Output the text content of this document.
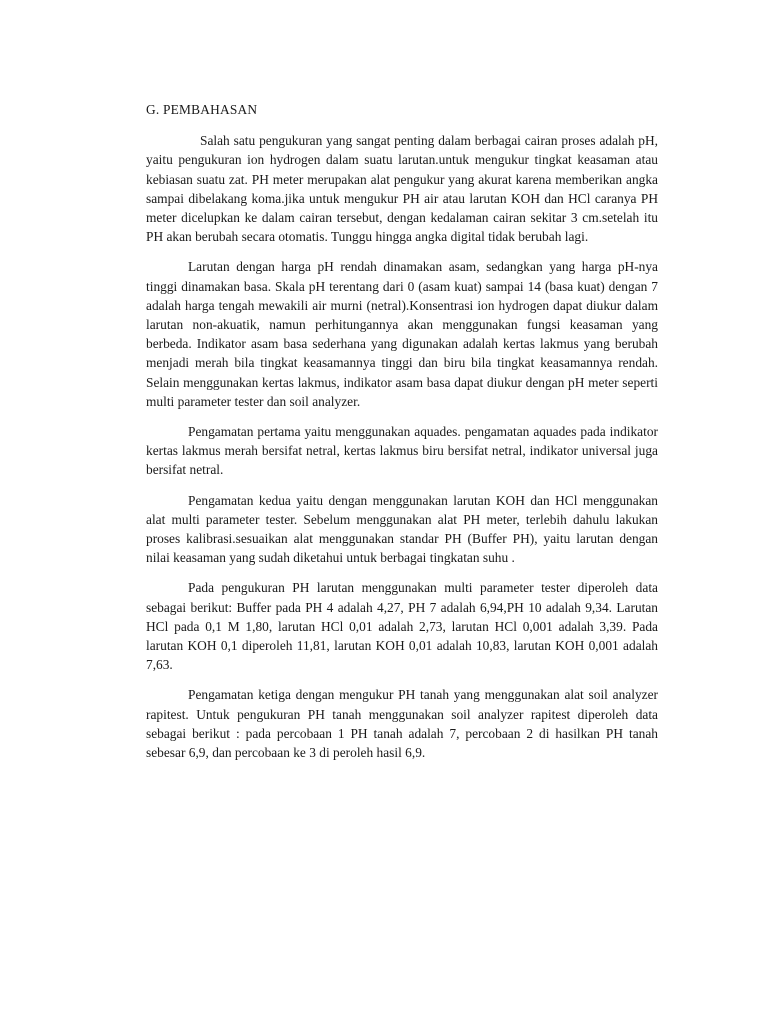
G. PEMBAHASAN

Salah satu pengukuran yang sangat penting dalam berbagai cairan proses adalah pH, yaitu pengukuran ion hydrogen dalam suatu larutan.untuk mengukur tingkat keasaman atau kebiasan suatu zat. PH meter merupakan alat pengukur yang akurat karena memberikan angka sampai dibelakang koma.jika untuk mengukur PH air atau larutan KOH dan HCl caranya PH meter dicelupkan ke dalam cairan tersebut, dengan kedalaman cairan sekitar 3 cm.setelah itu PH akan berubah secara otomatis. Tunggu hingga angka digital tidak berubah lagi.

Larutan dengan harga pH rendah dinamakan asam, sedangkan yang harga pH-nya tinggi dinamakan basa. Skala pH terentang dari 0 (asam kuat) sampai 14 (basa kuat) dengan 7 adalah harga tengah mewakili air murni (netral).Konsentrasi ion hydrogen dapat diukur dalam larutan non-akuatik, namun perhitungannya akan menggunakan fungsi keasaman yang berbeda. Indikator asam basa sederhana yang digunakan adalah kertas lakmus yang berubah menjadi merah bila tingkat keasamannya tinggi dan biru bila tingkat keasamannya rendah. Selain menggunakan kertas lakmus, indikator asam basa dapat diukur dengan pH meter seperti multi parameter tester dan soil analyzer.

Pengamatan pertama yaitu menggunakan aquades. pengamatan aquades pada indikator kertas lakmus merah bersifat netral, kertas lakmus biru bersifat netral, indikator universal juga bersifat netral.

Pengamatan kedua yaitu dengan menggunakan larutan KOH dan HCl menggunakan alat multi parameter tester. Sebelum menggunakan alat PH meter, terlebih dahulu lakukan proses kalibrasi.sesuaikan alat menggunakan standar PH (Buffer PH), yaitu larutan dengan nilai keasaman yang sudah diketahui untuk berbagai tingkatan suhu .

Pada pengukuran PH larutan menggunakan multi parameter tester diperoleh data sebagai berikut: Buffer pada PH 4 adalah 4,27, PH 7 adalah 6,94,PH 10 adalah 9,34. Larutan HCl pada 0,1 M 1,80, larutan HCl 0,01 adalah 2,73, larutan HCl 0,001 adalah 3,39. Pada larutan KOH 0,1 diperoleh 11,81, larutan KOH 0,01 adalah 10,83, larutan KOH 0,001 adalah 7,63.

Pengamatan ketiga dengan mengukur PH tanah yang menggunakan alat soil analyzer rapitest. Untuk pengukuran PH tanah menggunakan soil analyzer rapitest diperoleh data sebagai berikut : pada percobaan 1 PH tanah adalah 7, percobaan 2 di hasilkan PH tanah sebesar 6,9, dan percobaan ke 3 di peroleh hasil 6,9.
